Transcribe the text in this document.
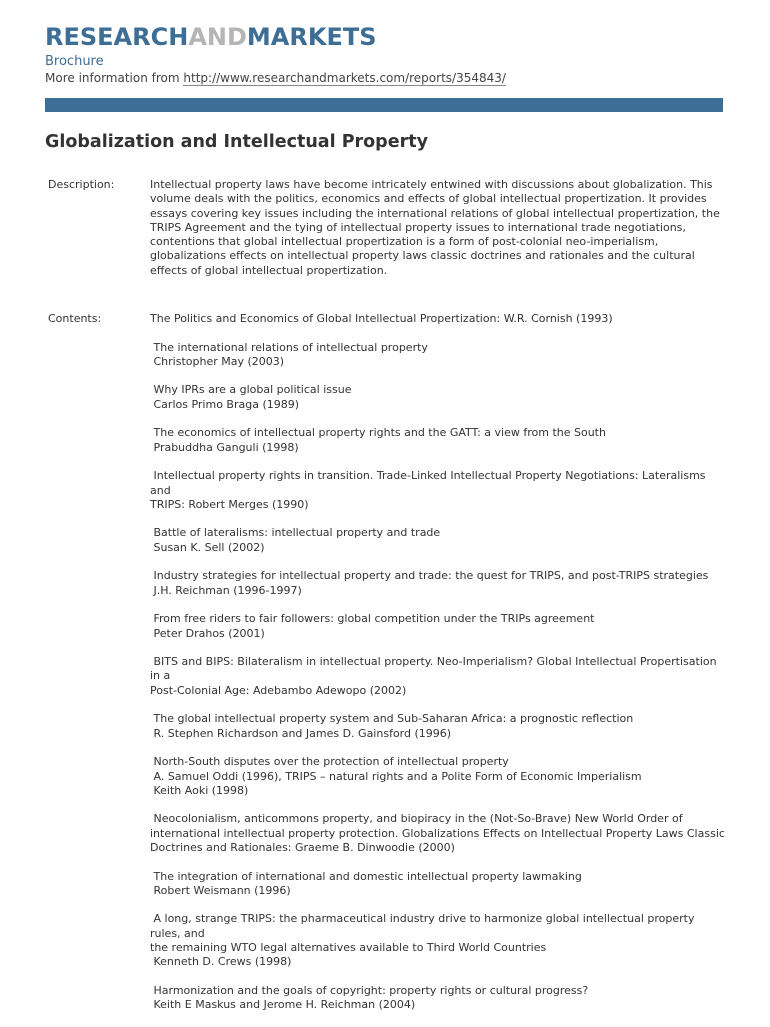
RESEARCHANDMARKETS
Brochure
More information from http://www.researchandmarkets.com/reports/354843/
Globalization and Intellectual Property
Description:	Intellectual property laws have become intricately entwined with discussions about globalization. This volume deals with the politics, economics and effects of global intellectual propertization. It provides essays covering key issues including the international relations of global intellectual propertization, the TRIPS Agreement and the tying of intellectual property issues to international trade negotiations, contentions that global intellectual propertization is a form of post-colonial neo-imperialism, globalizations effects on intellectual property laws classic doctrines and rationales and the cultural effects of global intellectual propertization.
Contents:	The Politics and Economics of Global Intellectual Propertization: W.R. Cornish (1993)
The international relations of intellectual property
Christopher May (2003)
Why IPRs are a global political issue
Carlos Primo Braga (1989)
The economics of intellectual property rights and the GATT: a view from the South
Prabuddha Ganguli (1998)
Intellectual property rights in transition. Trade-Linked Intellectual Property Negotiations: Lateralisms and
TRIPS: Robert Merges (1990)
Battle of lateralisms: intellectual property and trade
Susan K. Sell (2002)
Industry strategies for intellectual property and trade: the quest for TRIPS, and post-TRIPS strategies
J.H. Reichman (1996-1997)
From free riders to fair followers: global competition under the TRIPs agreement
Peter Drahos (2001)
BITS and BIPS: Bilateralism in intellectual property. Neo-Imperialism? Global Intellectual Propertisation in a
Post-Colonial Age: Adebambo Adewopo (2002)
The global intellectual property system and Sub-Saharan Africa: a prognostic reflection
R. Stephen Richardson and James D. Gainsford (1996)
North-South disputes over the protection of intellectual property
A. Samuel Oddi (1996), TRIPS – natural rights and a Polite Form of Economic Imperialism
Keith Aoki (1998)
Neocolonialism, anticommons property, and biopiracy in the (Not-So-Brave) New World Order of
international intellectual property protection. Globalizations Effects on Intellectual Property Laws Classic
Doctrines and Rationales: Graeme B. Dinwoodie (2000)
The integration of international and domestic intellectual property lawmaking
Robert Weismann (1996)
A long, strange TRIPS: the pharmaceutical industry drive to harmonize global intellectual property rules, and
the remaining WTO legal alternatives available to Third World Countries
Kenneth D. Crews (1998)
Harmonization and the goals of copyright: property rights or cultural progress?
Keith E Maskus and Jerome H. Reichman (2004)
